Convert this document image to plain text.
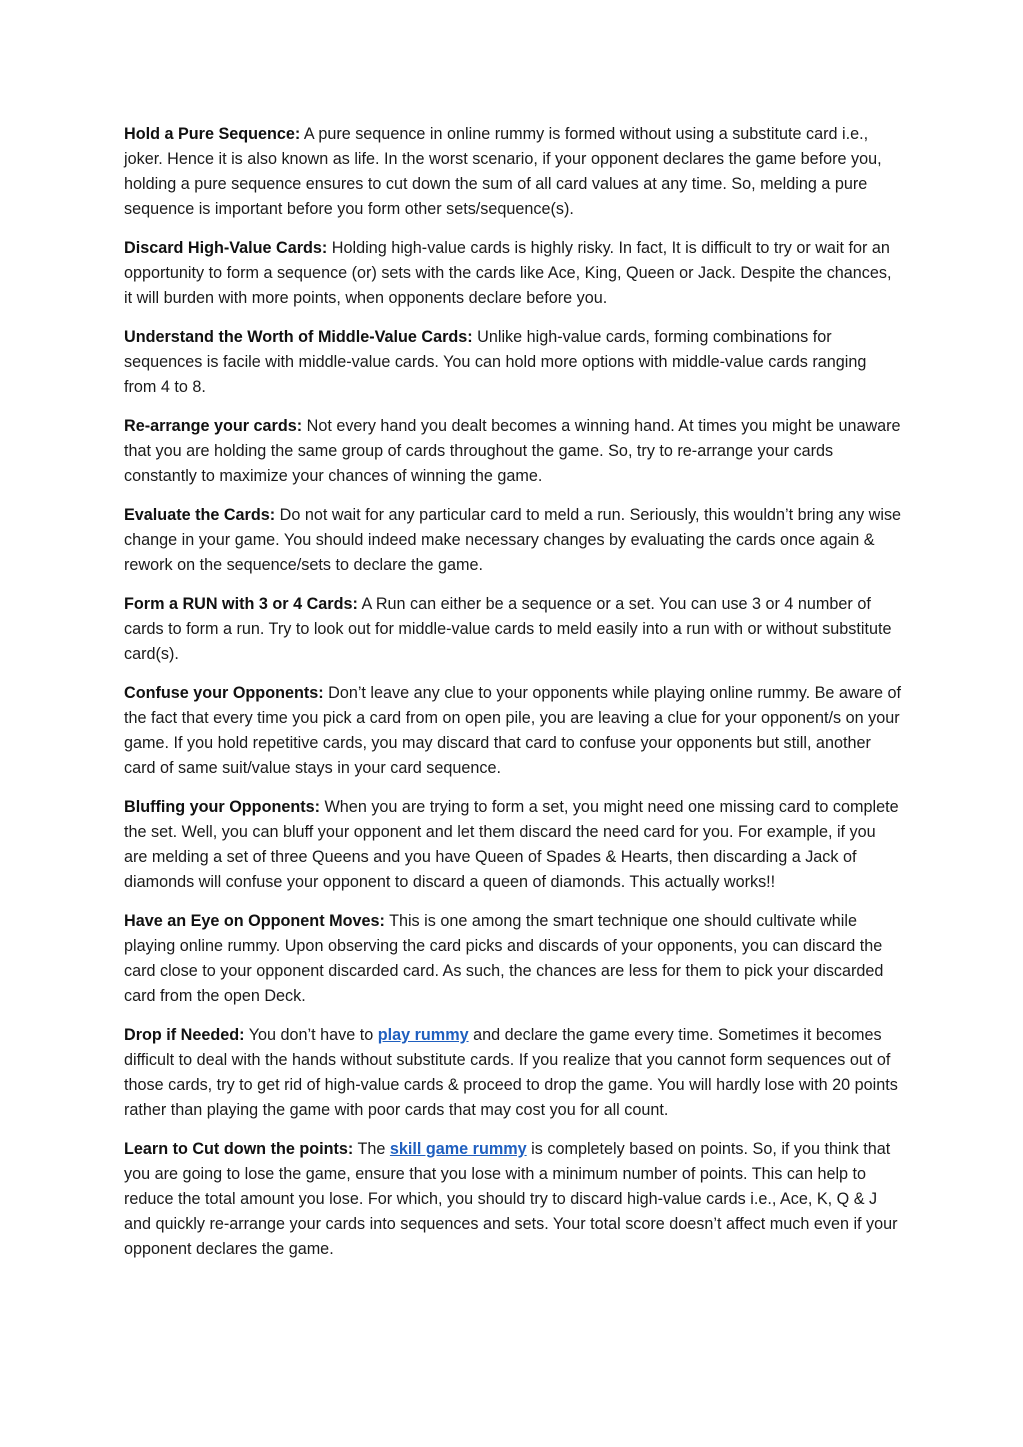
Hold a Pure Sequence: A pure sequence in online rummy is formed without using a substitute card i.e., joker. Hence it is also known as life. In the worst scenario, if your opponent declares the game before you, holding a pure sequence ensures to cut down the sum of all card values at any time. So, melding a pure sequence is important before you form other sets/sequence(s).

Discard High-Value Cards: Holding high-value cards is highly risky. In fact, It is difficult to try or wait for an opportunity to form a sequence (or) sets with the cards like Ace, King, Queen or Jack. Despite the chances, it will burden with more points, when opponents declare before you.

Understand the Worth of Middle-Value Cards: Unlike high-value cards, forming combinations for sequences is facile with middle-value cards. You can hold more options with middle-value cards ranging from 4 to 8.

Re-arrange your cards: Not every hand you dealt becomes a winning hand. At times you might be unaware that you are holding the same group of cards throughout the game. So, try to re-arrange your cards constantly to maximize your chances of winning the game.

Evaluate the Cards: Do not wait for any particular card to meld a run. Seriously, this wouldn’t bring any wise change in your game. You should indeed make necessary changes by evaluating the cards once again & rework on the sequence/sets to declare the game.

Form a RUN with 3 or 4 Cards: A Run can either be a sequence or a set. You can use 3 or 4 number of cards to form a run. Try to look out for middle-value cards to meld easily into a run with or without substitute card(s).

Confuse your Opponents: Don’t leave any clue to your opponents while playing online rummy. Be aware of the fact that every time you pick a card from on open pile, you are leaving a clue for your opponent/s on your game. If you hold repetitive cards, you may discard that card to confuse your opponents but still, another card of same suit/value stays in your card sequence.

Bluffing your Opponents: When you are trying to form a set, you might need one missing card to complete the set. Well, you can bluff your opponent and let them discard the need card for you. For example, if you are melding a set of three Queens and you have Queen of Spades & Hearts, then discarding a Jack of diamonds will confuse your opponent to discard a queen of diamonds. This actually works!!

Have an Eye on Opponent Moves: This is one among the smart technique one should cultivate while playing online rummy. Upon observing the card picks and discards of your opponents, you can discard the card close to your opponent discarded card. As such, the chances are less for them to pick your discarded card from the open Deck.

Drop if Needed: You don’t have to play rummy and declare the game every time. Sometimes it becomes difficult to deal with the hands without substitute cards. If you realize that you cannot form sequences out of those cards, try to get rid of high-value cards & proceed to drop the game. You will hardly lose with 20 points rather than playing the game with poor cards that may cost you for all count.

Learn to Cut down the points: The skill game rummy is completely based on points. So, if you think that you are going to lose the game, ensure that you lose with a minimum number of points. This can help to reduce the total amount you lose. For which, you should try to discard high-value cards i.e., Ace, K, Q & J and quickly re-arrange your cards into sequences and sets. Your total score doesn’t affect much even if your opponent declares the game.
